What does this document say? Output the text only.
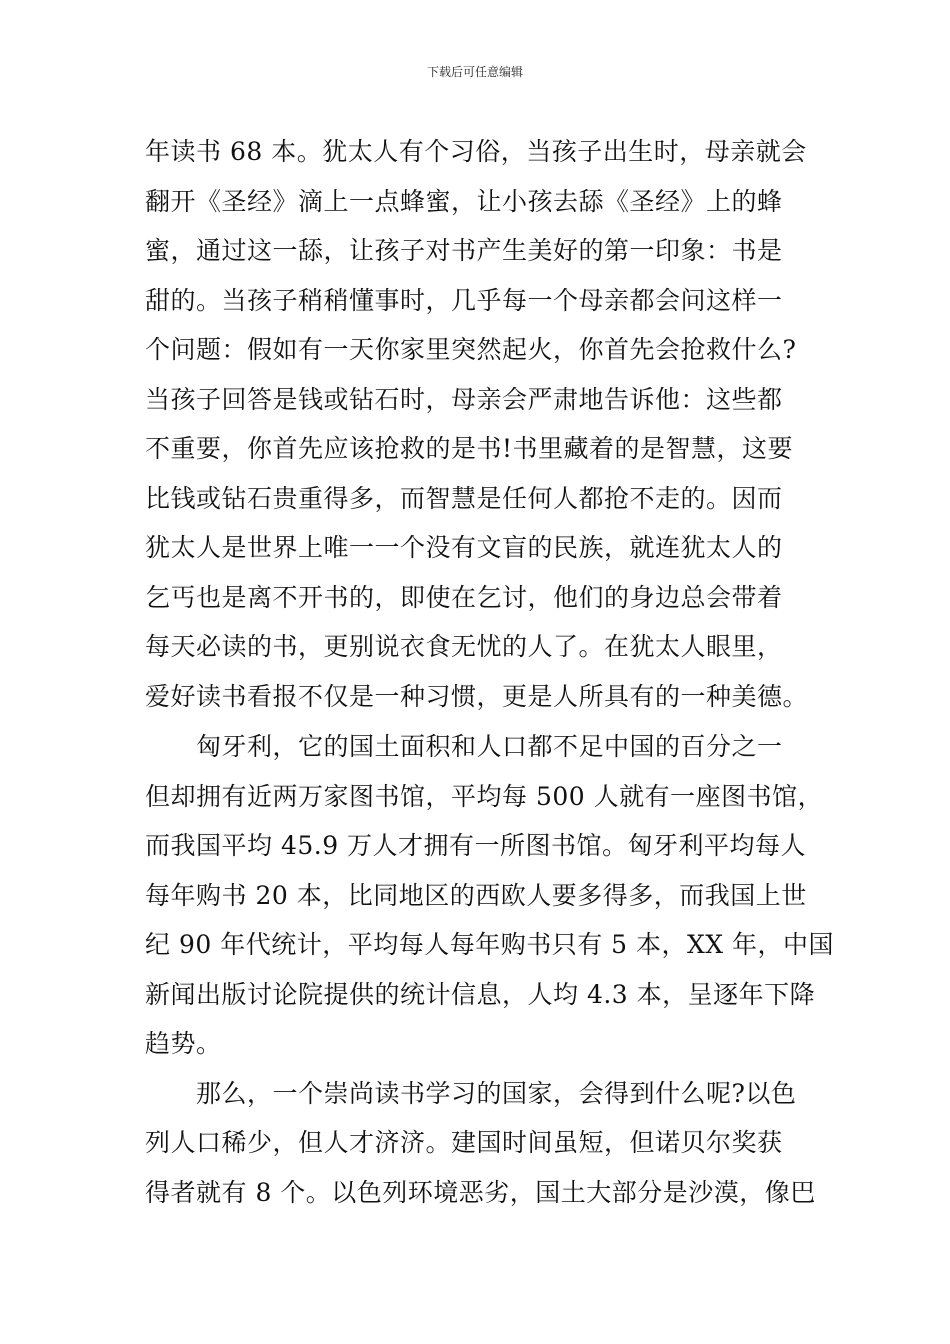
下载后可任意编辑
年读书 68 本。犹太人有个习俗，当孩子出生时，母亲就会
翻开《圣经》滴上一点蜂蜜，让小孩去舔《圣经》上的蜂
蜜，通过这一舔，让孩子对书产生美好的第一印象：书是
甜的。当孩子稍稍懂事时，几乎每一个母亲都会问这样一
个问题：假如有一天你家里突然起火，你首先会抢救什么?
当孩子回答是钱或钻石时，母亲会严肃地告诉他：这些都
不重要，你首先应该抢救的是书!书里藏着的是智慧，这要
比钱或钻石贵重得多，而智慧是任何人都抢不走的。因而
犹太人是世界上唯一一个没有文盲的民族，就连犹太人的
乞丐也是离不开书的，即使在乞讨，他们的身边总会带着
每天必读的书，更别说衣食无忧的人了。在犹太人眼里，
爱好读书看报不仅是一种习惯，更是人所具有的一种美德。
　　匈牙利，它的国土面积和人口都不足中国的百分之一
但却拥有近两万家图书馆，平均每 500 人就有一座图书馆，
而我国平均 45.9 万人才拥有一所图书馆。匈牙利平均每人
每年购书 20 本，比同地区的西欧人要多得多，而我国上世
纪 90 年代统计，平均每人每年购书只有 5 本，XX 年，中国
新闻出版讨论院提供的统计信息，人均 4.3 本，呈逐年下降
趋势。
　　那么，一个崇尚读书学习的国家，会得到什么呢?以色
列人口稀少，但人才济济。建国时间虽短，但诺贝尔奖获
得者就有 8 个。以色列环境恶劣，国土大部分是沙漠，像巴
